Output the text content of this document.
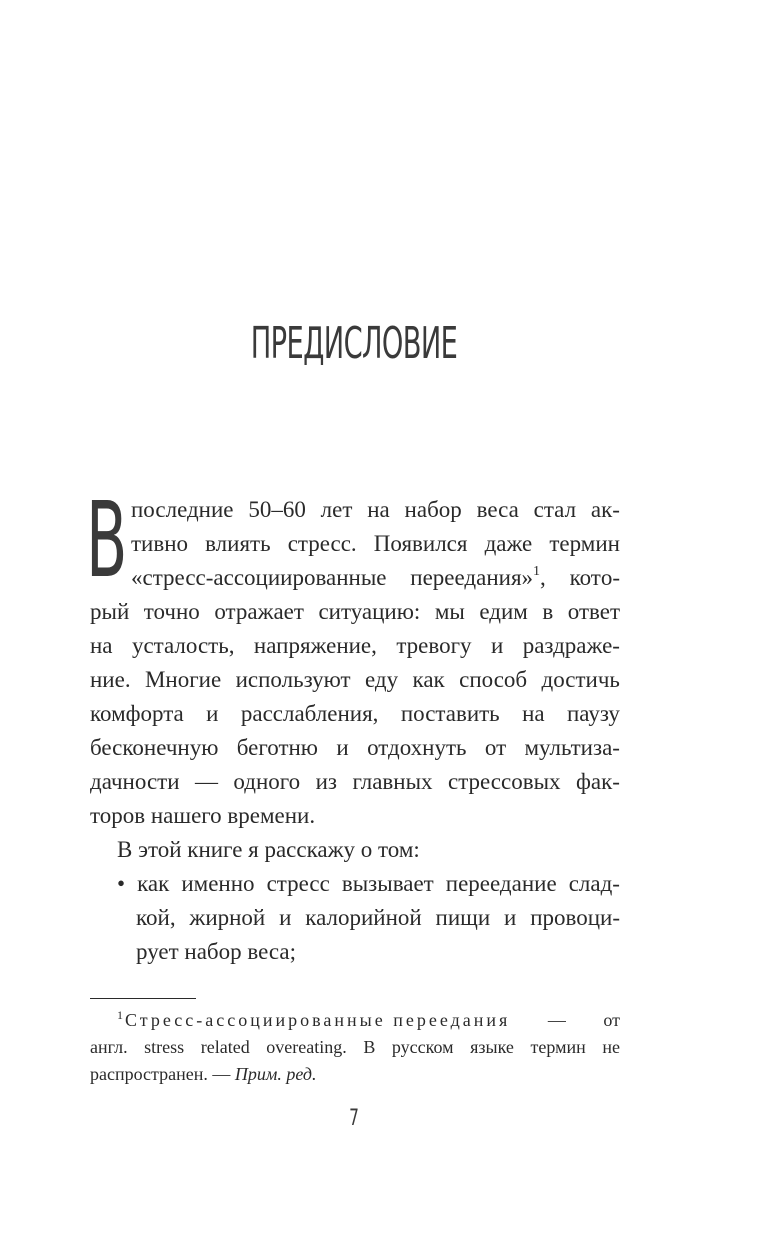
ПРЕДИСЛОВИЕ
В последние 50–60 лет на набор веса стал ак-
тивно влиять стресс. Появился даже термин
«стресс-ассоциированные переедания»$^1$, котo-
рый точно отражает ситуацию: мы едим в ответ
на усталость, напряжение, тревогу и раздраже-
ние. Многие используют еду как способ достичь
комфорта и расслабления, поставить на паузу
бесконечную беготню и отдохнуть от мультиза-
дачности — одного из главных стрессовых фак-
торов нашего времени.
В этой книге я расскажу о том:
• как именно стресс вызывает переедание слад-
кой, жирной и калорийной пищи и провоци-
рует набор веса;
$^1$ Стресс-ассоциированные переедания — от
англ. stress related overeating. В русском языке термин не
распространен. — Прим. ред.
7
